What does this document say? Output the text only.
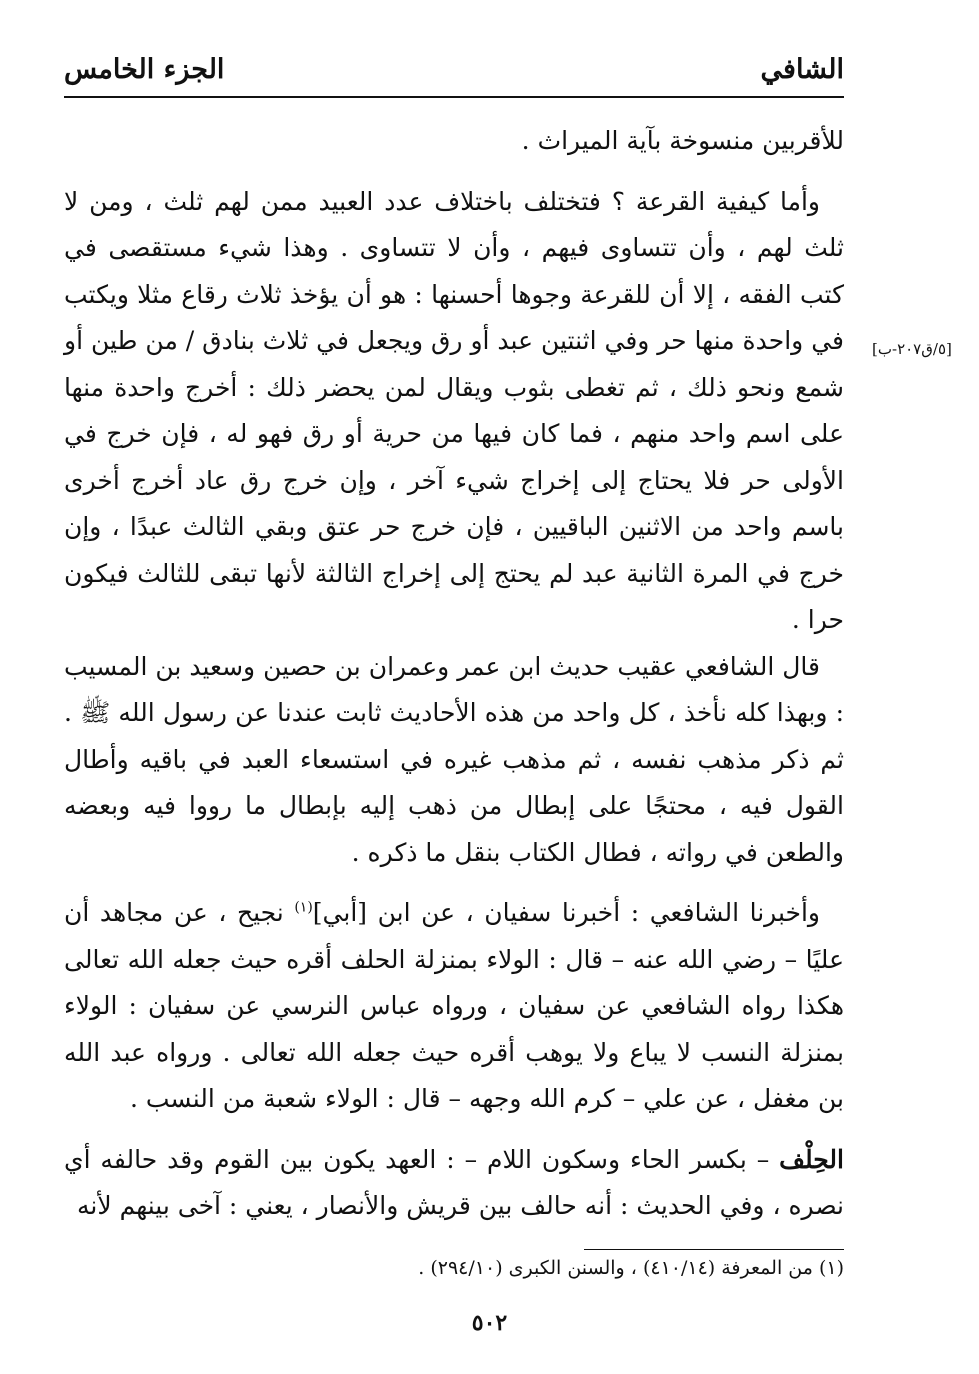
الشافي
الجزء الخامس
[٥/ق٢٠٧-ب]

للأقربين منسوخة بآية الميراث .

وأما كيفية القرعة ؟ فتختلف باختلاف عدد العبيد ممن لهم ثلث ، ومن لا ثلث لهم ، وأن تتساوى فيهم ، وأن لا تتساوى . وهذا شيء مستقصى في كتب الفقه ، إلا أن للقرعة وجوها أحسنها : هو أن يؤخذ ثلاث رقاع مثلا ويكتب في واحدة منها حر وفي اثنتين عبد أو رق ويجعل في ثلاث بنادق / من طين أو شمع ونحو ذلك ، ثم تغطى بثوب ويقال لمن يحضر ذلك : أخرج واحدة منها على اسم واحد منهم ، فما كان فيها من حرية أو رق فهو له ، فإن خرج في الأولى حر فلا يحتاج إلى إخراج شيء آخر ، وإن خرج رق عاد أخرج أخرى باسم واحد من الاثنين الباقيين ، فإن خرج حر عتق وبقي الثالث عبدًا ، وإن خرج في المرة الثانية عبد لم يحتج إلى إخراج الثالثة لأنها تبقى للثالث فيكون حرا .

قال الشافعي عقيب حديث ابن عمر وعمران بن حصين وسعيد بن المسيب : وبهذا كله نأخذ ، كل واحد من هذه الأحاديث ثابت عندنا عن رسول الله ﷺ . ثم ذكر مذهب نفسه ، ثم مذهب غيره في استسعاء العبد في باقيه وأطال القول فيه ، محتجًا على إبطال من ذهب إليه بإبطال ما رووا فيه وبعضه والطعن في رواته ، فطال الكتاب بنقل ما ذكره .

وأخبرنا الشافعي : أخبرنا سفيان ، عن ابن [أبي]$^{(١)}$ نجيح ، عن مجاهد أن عليًا – رضي الله عنه – قال : الولاء بمنزلة الحلف أقره حيث جعله الله تعالى هكذا رواه الشافعي عن سفيان ، ورواه عباس النرسي عن سفيان : الولاء بمنزلة النسب لا يباع ولا يوهب أقره حيث جعله الله تعالى . ورواه عبد الله بن مغفل ، عن علي – كرم الله وجهه – قال : الولاء شعبة من النسب .

الحِلْف – بكسر الحاء وسكون اللام – : العهد يكون بين القوم وقد حالفه أي نصره ، وفي الحديث : أنه حالف بين قريش والأنصار ، يعني : آخى بينهم لأنه

(١) من المعرفة (٤١٠/١٤) ، والسنن الكبرى (٢٩٤/١٠) .
٥٠٢
